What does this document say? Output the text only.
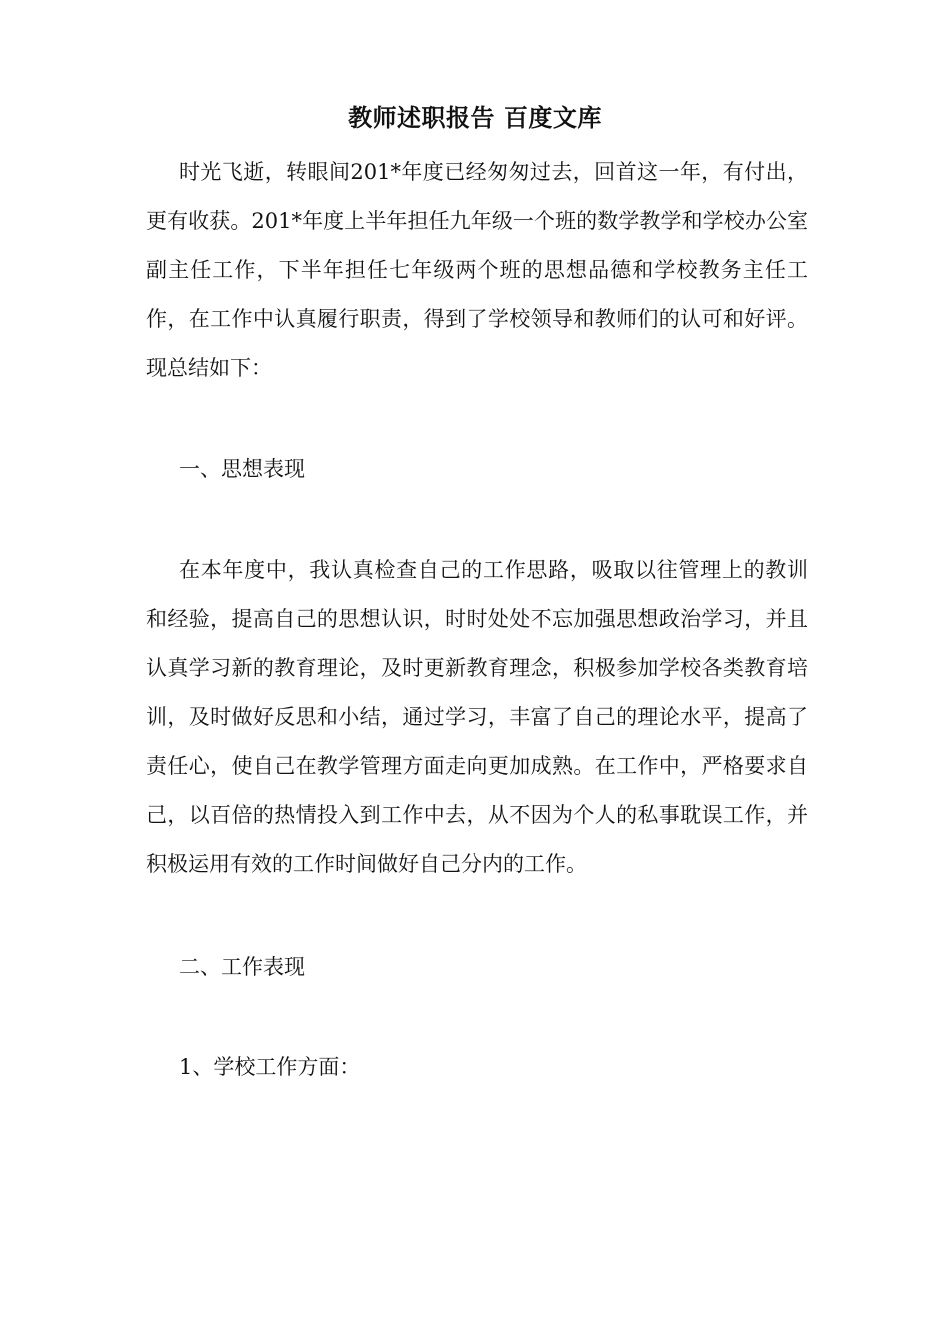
教师述职报告 百度文库

时光飞逝，转眼间201*年度已经匆匆过去，回首这一年，有付出，更有收获。201*年度上半年担任九年级一个班的数学教学和学校办公室副主任工作，下半年担任七年级两个班的思想品德和学校教务主任工作，在工作中认真履行职责，得到了学校领导和教师们的认可和好评。现总结如下：

一、思想表现

在本年度中，我认真检查自己的工作思路，吸取以往管理上的教训和经验，提高自己的思想认识，时时处处不忘加强思想政治学习，并且认真学习新的教育理论，及时更新教育理念，积极参加学校各类教育培训，及时做好反思和小结，通过学习，丰富了自己的理论水平，提高了责任心，使自己在教学管理方面走向更加成熟。在工作中，严格要求自己，以百倍的热情投入到工作中去，从不因为个人的私事耽误工作，并积极运用有效的工作时间做好自己分内的工作。

二、工作表现

1、学校工作方面：
